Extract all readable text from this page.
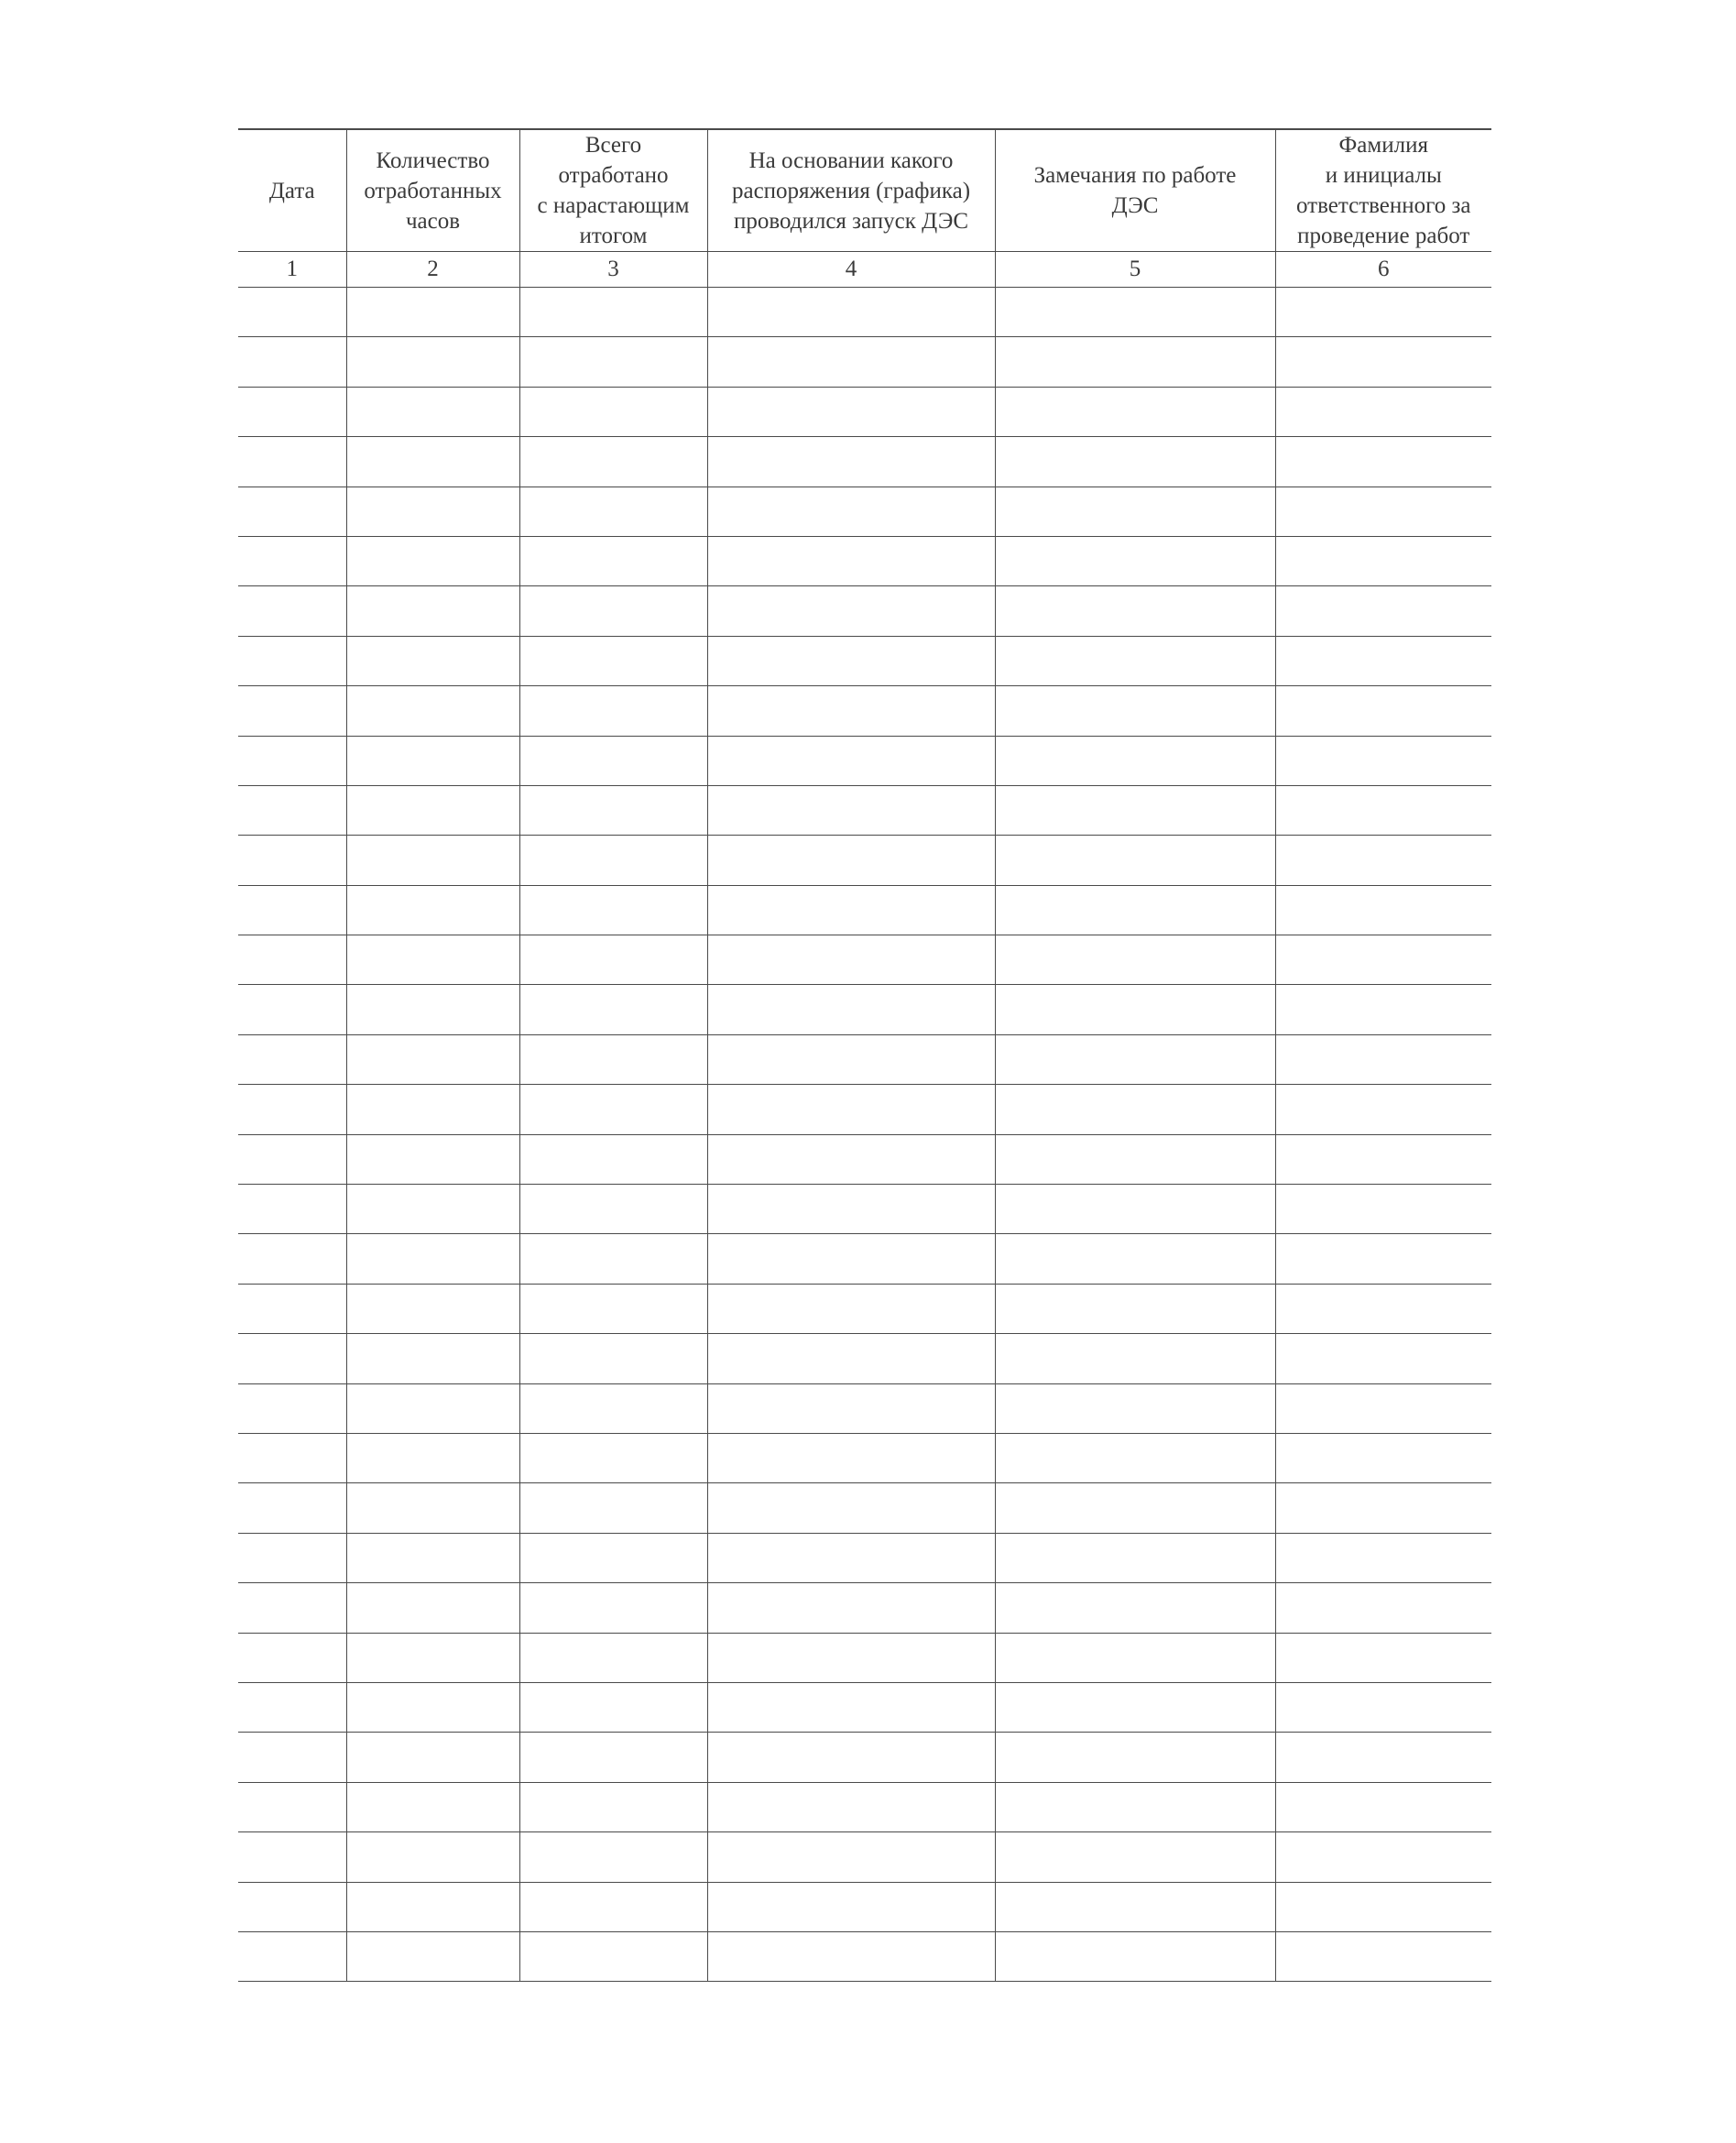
Дата	Количество
отработанных
часов	Всего
отработано
с нарастающим
итогом	На основании какого
распоряжения (графика)
проводился запуск ДЭС	Замечания по работе
ДЭС	Фамилия
и инициалы
ответственного за
проведение работ
1	2	3	4	5	6
